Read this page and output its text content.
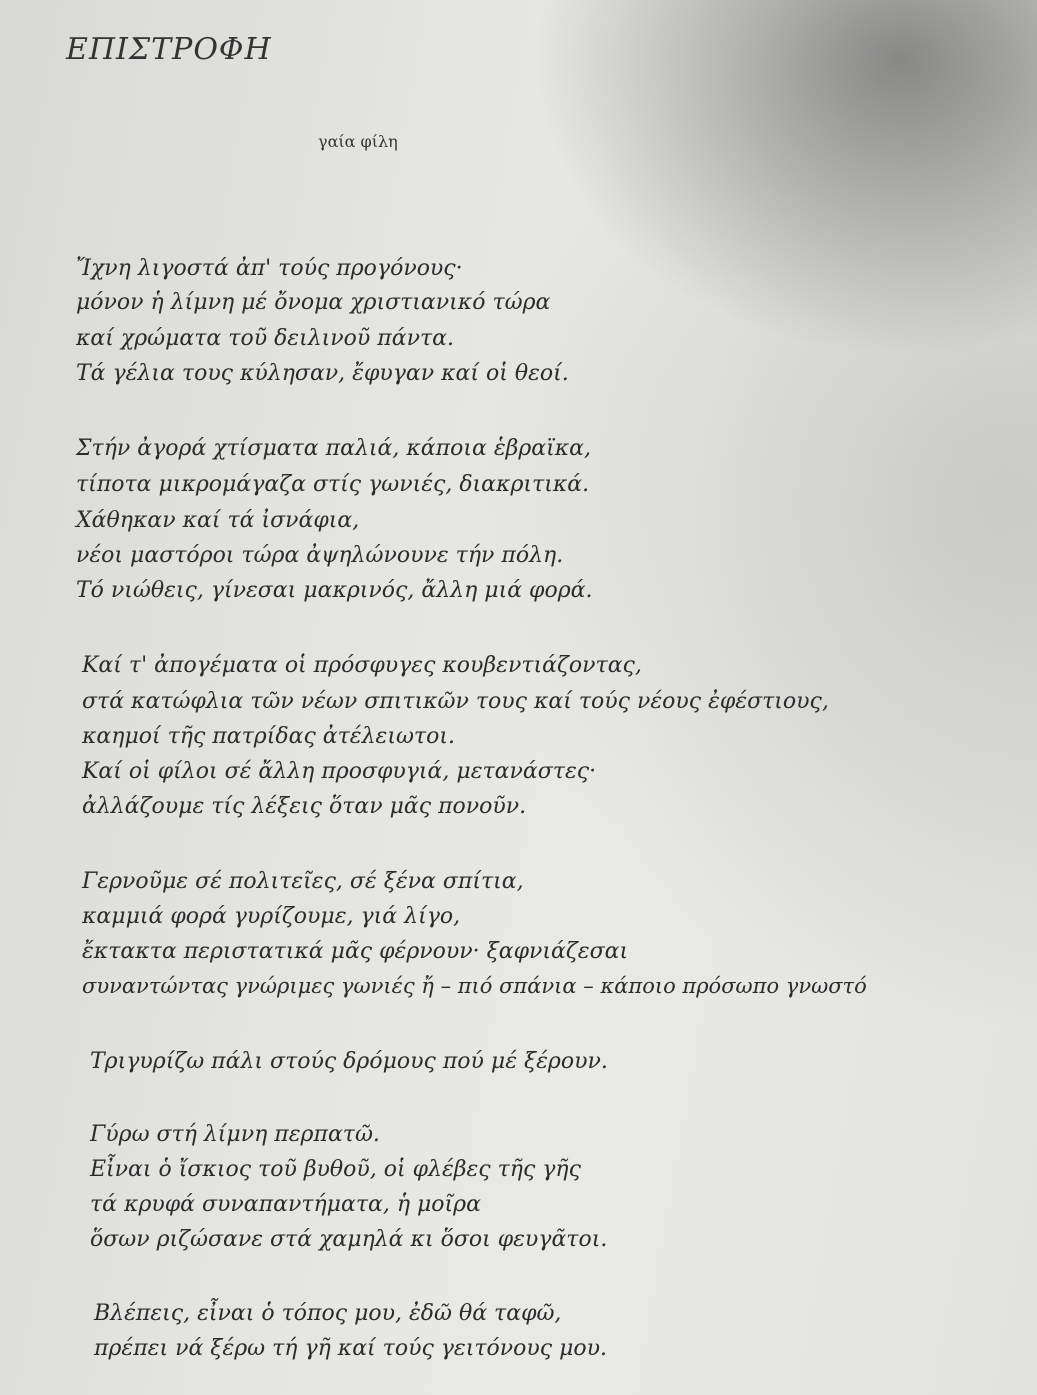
ΕΠΙΣΤΡΟΦΗ
γαία φίλη
Ἴχνη λιγοστά ἀπ' τούς προγόνους·
μόνον ἡ λίμνη μέ ὄνομα χριστιανικό τώρα
καί χρώματα τοῦ δειλινοῦ πάντα.
Τά γέλια τους κύλησαν, ἔφυγαν καί οἱ θεοί.
Στήν ἀγορά χτίσματα παλιά, κάποια ἑβραϊκα,
τίποτα μικρομάγαζα στίς γωνιές, διακριτικά.
Χάθηκαν καί τά ἰσνάφια,
νέοι μαστόροι τώρα ἀψηλώνουνε τήν πόλη.
Τό νιώθεις, γίνεσαι μακρινός, ἄλλη μιά φορά.
Καί τ' ἀπογέματα οἱ πρόσφυγες κουβεντιάζοντας,
στά κατώφλια τῶν νέων σπιτικῶν τους καί τούς νέους ἐφέστιους,
καημοί τῆς πατρίδας ἀτέλειωτοι.
Καί οἱ φίλοι σέ ἄλλη προσφυγιά, μετανάστες·
ἀλλάζουμε τίς λέξεις ὅταν μᾶς πονοῦν.
Γερνοῦμε σέ πολιτεῖες, σέ ξένα σπίτια,
καμμιά φορά γυρίζουμε, γιά λίγο,
ἔκτακτα περιστατικά μᾶς φέρνουν· ξαφνιάζεσαι
συναντώντας γνώριμες γωνιές ἤ – πιό σπάνια – κάποιο πρόσωπο γνωστό
Τριγυρίζω πάλι στούς δρόμους πού μέ ξέρουν.
Γύρω στή λίμνη περπατῶ.
Εἶναι ὁ ἴσκιος τοῦ βυθοῦ, οἱ φλέβες τῆς γῆς
τά κρυφά συναπαντήματα, ἡ μοῖρα
ὅσων ριζώσανε στά χαμηλά κι ὅσοι φευγᾶτοι.
Βλέπεις, εἶναι ὁ τόπος μου, ἐδῶ θά ταφῶ,
πρέπει νά ξέρω τή γῆ καί τούς γειτόνους μου.
